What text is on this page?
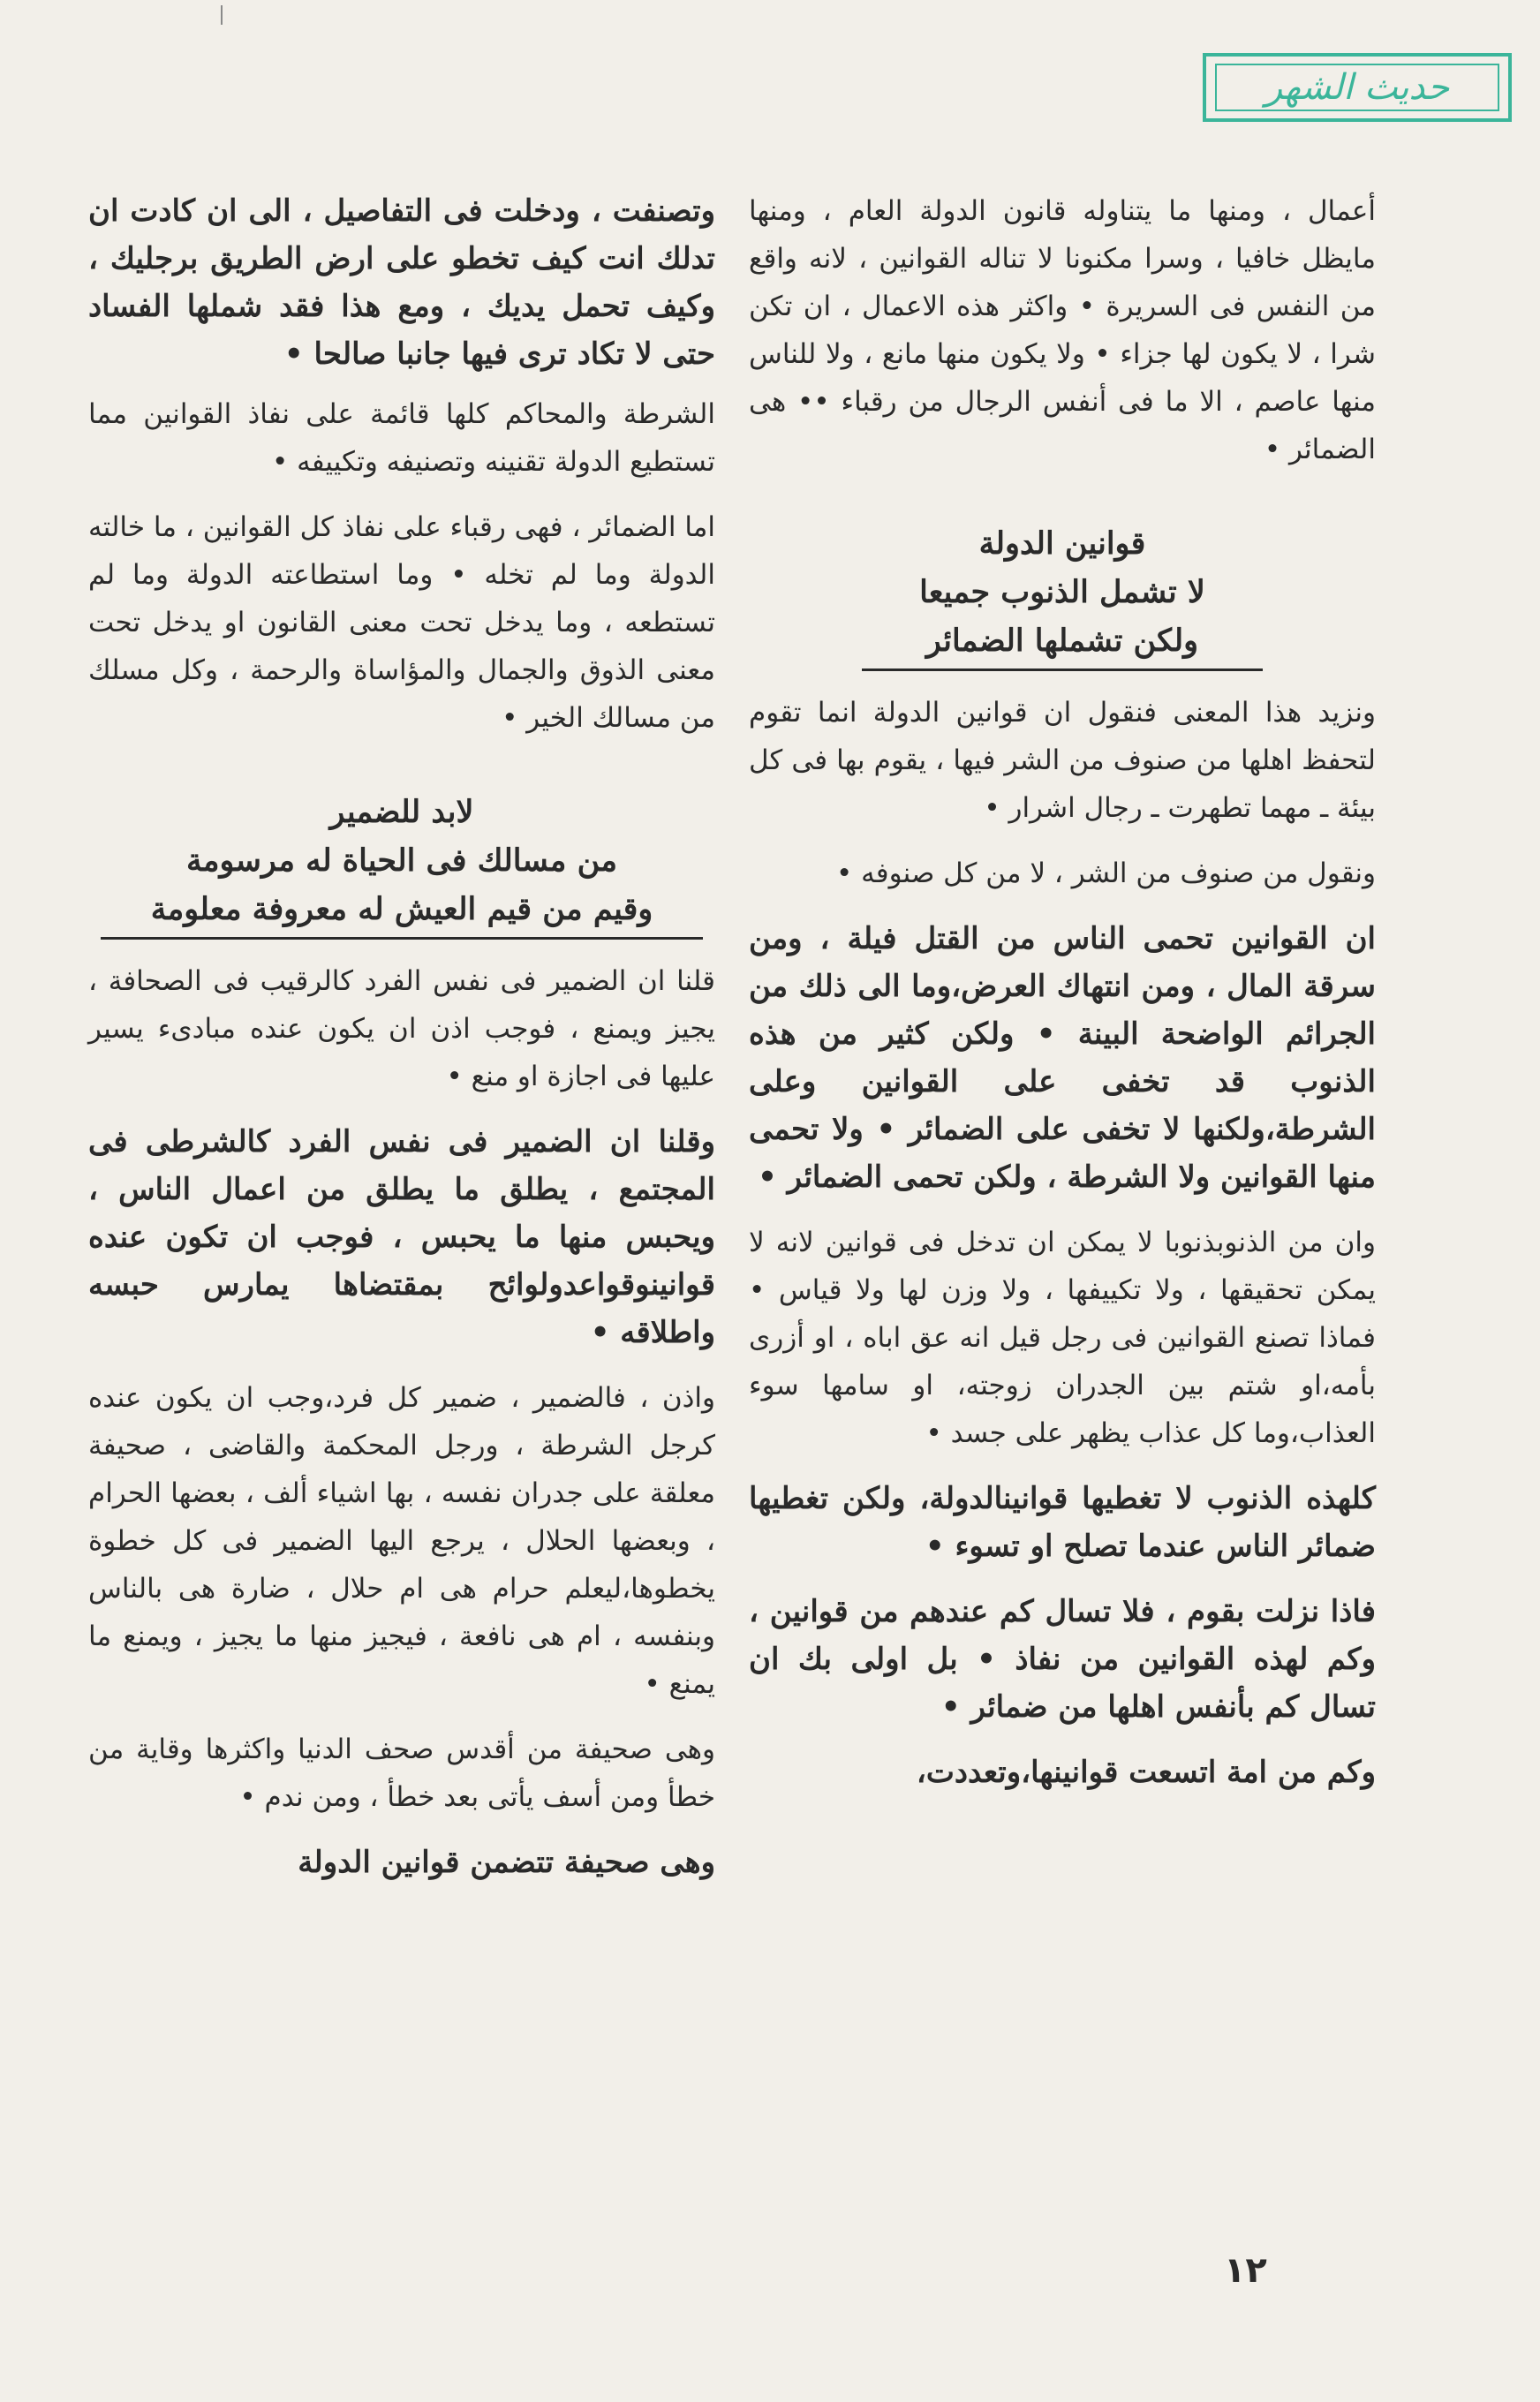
حديث الشهر

أعمال ، ومنها ما يتناوله قانون الدولة العام ، ومنها مايظل خافيا ، وسرا مكنونا لا تناله القوانين ، لانه واقع من النفس فى السريرة • واكثر هذه الاعمال ، ان تكن شرا ، لا يكون لها جزاء • ولا يكون منها مانع ، ولا للناس منها عاصم ، الا ما فى أنفس الرجال من رقباء •• هى الضمائر •

قوانين الدولة
لا تشمل الذنوب جميعا
ولكن تشملها الضمائر

ونزيد هذا المعنى فنقول ان قوانين الدولة انما تقوم لتحفظ اهلها من صنوف من الشر فيها ، يقوم بها فى كل بيئة ـ مهما تطهرت ـ رجال اشرار •

ونقول من صنوف من الشر ، لا من كل صنوفه •

ان القوانين تحمى الناس من القتل فيلة ، ومن سرقة المال ، ومن انتهاك العرض،وما الى ذلك من الجرائم الواضحة البينة • ولكن كثير من هذه الذنوب قد تخفى على القوانين وعلى الشرطة،ولكنها لا تخفى على الضمائر • ولا تحمى منها القوانين ولا الشرطة ، ولكن تحمى الضمائر •

وان من الذنوبذنوبا لا يمكن ان تدخل فى قوانين لانه لا يمكن تحقيقها ، ولا تكييفها ، ولا وزن لها ولا قياس • فماذا تصنع القوانين فى رجل قيل انه عق اباه ، او أزرى بأمه،او شتم بين الجدران زوجته، او سامها سوء العذاب،وما كل عذاب يظهر على جسد •

كلهذه الذنوب لا تغطيها قوانينالدولة، ولكن تغطيها ضمائر الناس عندما تصلح او تسوء •

فاذا نزلت بقوم ، فلا تسال كم عندهم من قوانين ، وكم لهذه القوانين من نفاذ • بل اولى بك ان تسال كم بأنفس اهلها من ضمائر •

وكم من امة اتسعت قوانينها،وتعددت،

وتصنفت ، ودخلت فى التفاصيل ، الى ان كادت ان تدلك انت كيف تخطو على ارض الطريق برجليك ، وكيف تحمل يديك ، ومع هذا فقد شملها الفساد حتى لا تكاد ترى فيها جانبا صالحا •

الشرطة والمحاكم كلها قائمة على نفاذ القوانين مما تستطيع الدولة تقنينه وتصنيفه وتكييفه •

اما الضمائر ، فهى رقباء على نفاذ كل القوانين ، ما خالته الدولة وما لم تخله • وما استطاعته الدولة وما لم تستطعه ، وما يدخل تحت معنى القانون او يدخل تحت معنى الذوق والجمال والمؤاساة والرحمة ، وكل مسلك من مسالك الخير •

لابد للضمير
من مسالك فى الحياة له مرسومة
وقيم من قيم العيش له معروفة معلومة

قلنا ان الضمير فى نفس الفرد كالرقيب فى الصحافة ، يجيز ويمنع ، فوجب اذن ان يكون عنده مبادىء يسير عليها فى اجازة او منع •

وقلنا ان الضمير فى نفس الفرد كالشرطى فى المجتمع ، يطلق ما يطلق من اعمال الناس ، ويحبس منها ما يحبس ، فوجب ان تكون عنده قوانينوقواعدولوائح بمقتضاها يمارس حبسه واطلاقه •

واذن ، فالضمير ، ضمير كل فرد،وجب ان يكون عنده كرجل الشرطة ، ورجل المحكمة والقاضى ، صحيفة معلقة على جدران نفسه ، بها اشياء ألف ، بعضها الحرام ، وبعضها الحلال ، يرجع اليها الضمير فى كل خطوة يخطوها،ليعلم حرام هى ام حلال ، ضارة هى بالناس وبنفسه ، ام هى نافعة ، فيجيز منها ما يجيز ، ويمنع ما يمنع •

وهى صحيفة من أقدس صحف الدنيا واكثرها وقاية من خطأ ومن أسف يأتى بعد خطأ ، ومن ندم •

وهى صحيفة تتضمن قوانين الدولة

١٢
